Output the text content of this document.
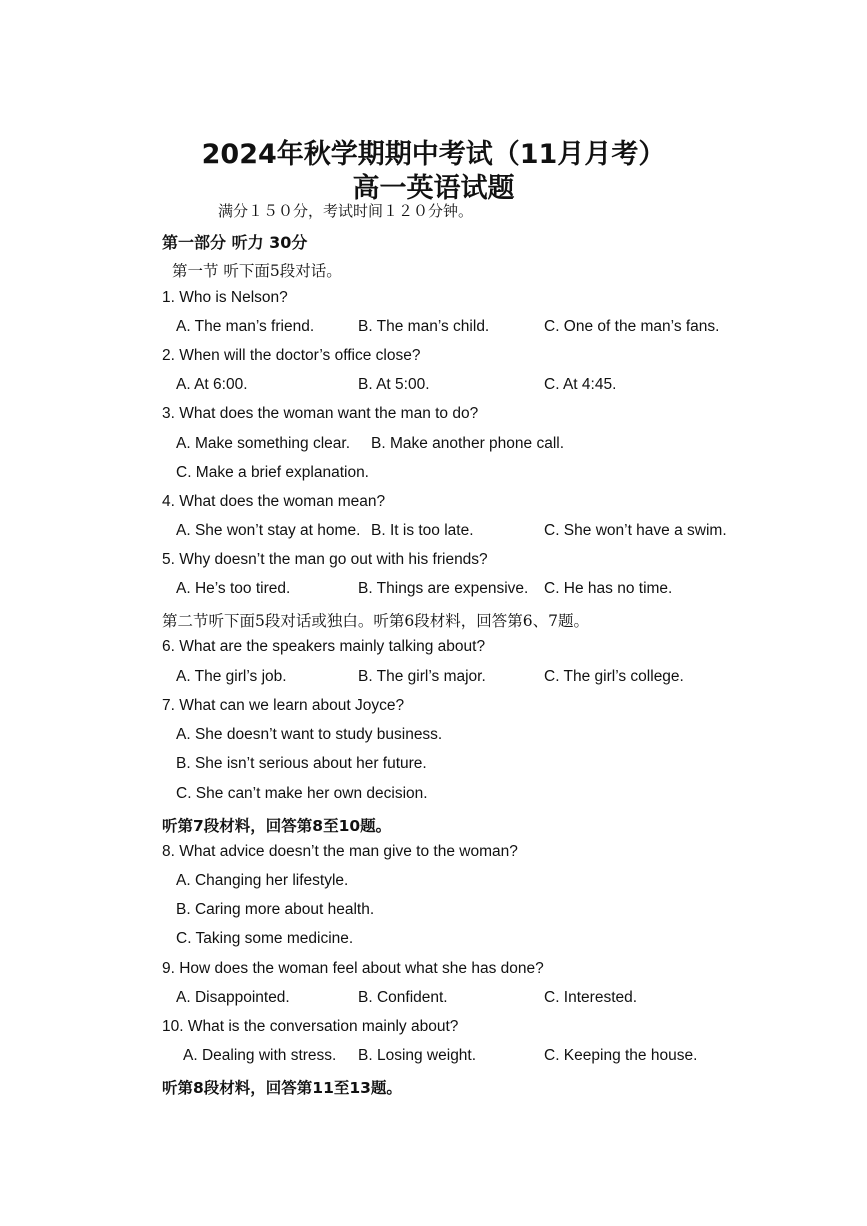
2024年秋学期期中考试（11月月考）
高一英语试题
满分１５０分，考试时间１２０分钟。
第一部分 听力 30分
第一节 听下面5段对话。
1. Who is Nelson?
A. The man’s friend.	B. The man’s child.	C. One of the man’s fans.
2. When will the doctor’s office close?
A. At 6:00.	B. At 5:00.	C. At 4:45.
3. What does the woman want the man to do?
A. Make something clear. B. Make another phone call.
C. Make a brief explanation.
4. What does the woman mean?
A. She won’t stay at home. B. It is too late.	C. She won’t have a swim.
5. Why doesn’t the man go out with his friends?
A. He’s too tired.	B. Things are expensive. C. He has no time.
第二节听下面5段对话或独白。听第6段材料，回答第6、7题。
6. What are the speakers mainly talking about?
A. The girl’s job.	B. The girl’s major.	C. The girl’s college.
7. What can we learn about Joyce?
A. She doesn’t want to study business.
B. She isn’t serious about her future.
C. She can’t make her own decision.
听第7段材料，回答第8至10题。
8. What advice doesn’t the man give to the woman?
A. Changing her lifestyle.
B. Caring more about health.
C. Taking some medicine.
9. How does the woman feel about what she has done?
A. Disappointed.	B. Confident.	C. Interested.
10. What is the conversation mainly about?
A. Dealing with stress. B. Losing weight.	C. Keeping the house.
听第8段材料，回答第11至13题。
